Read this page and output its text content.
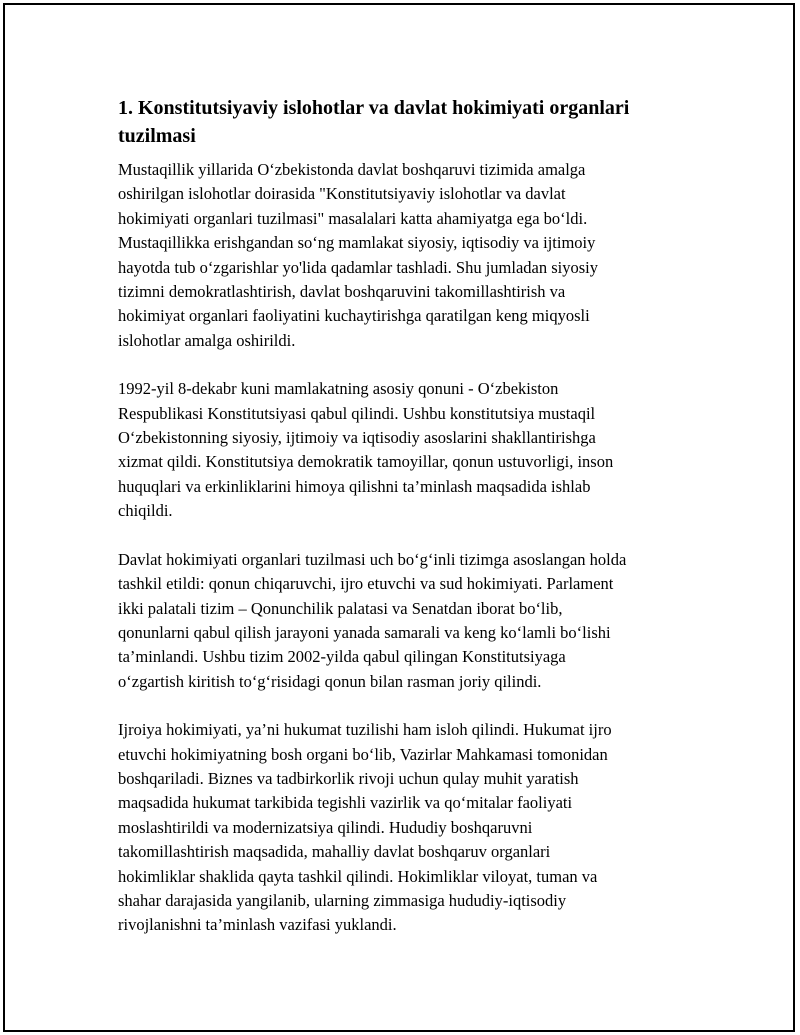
1. Konstitutsiyaviy islohotlar va davlat hokimiyati organlari
tuzilmasi

Mustaqillik yillarida O‘zbekistonda davlat boshqaruvi tizimida amalga
oshirilgan islohotlar doirasida "Konstitutsiyaviy islohotlar va davlat
hokimiyati organlari tuzilmasi" masalalari katta ahamiyatga ega bo‘ldi.
Mustaqillikka erishgandan so‘ng mamlakat siyosiy, iqtisodiy va ijtimoiy
hayotda tub o‘zgarishlar yo'lida qadamlar tashladi. Shu jumladan siyosiy
tizimni demokratlashtirish, davlat boshqaruvini takomillashtirish va
hokimiyat organlari faoliyatini kuchaytirishga qaratilgan keng miqyosli
islohotlar amalga oshirildi.

1992-yil 8-dekabr kuni mamlakatning asosiy qonuni - O‘zbekiston
Respublikasi Konstitutsiyasi qabul qilindi. Ushbu konstitutsiya mustaqil
O‘zbekistonning siyosiy, ijtimoiy va iqtisodiy asoslarini shakllantirishga
xizmat qildi. Konstitutsiya demokratik tamoyillar, qonun ustuvorligi, inson
huquqlari va erkinliklarini himoya qilishni ta’minlash maqsadida ishlab
chiqildi.

Davlat hokimiyati organlari tuzilmasi uch bo‘g‘inli tizimga asoslangan holda
tashkil etildi: qonun chiqaruvchi, ijro etuvchi va sud hokimiyati. Parlament
ikki palatali tizim – Qonunchilik palatasi va Senatdan iborat bo‘lib,
qonunlarni qabul qilish jarayoni yanada samarali va keng ko‘lamli bo‘lishi
ta’minlandi. Ushbu tizim 2002-yilda qabul qilingan Konstitutsiyaga
o‘zgartish kiritish to‘g‘risidagi qonun bilan rasman joriy qilindi.

Ijroiya hokimiyati, ya’ni hukumat tuzilishi ham isloh qilindi. Hukumat ijro
etuvchi hokimiyatning bosh organi bo‘lib, Vazirlar Mahkamasi tomonidan
boshqariladi. Biznes va tadbirkorlik rivoji uchun qulay muhit yaratish
maqsadida hukumat tarkibida tegishli vazirlik va qo‘mitalar faoliyati
moslashtirildi va modernizatsiya qilindi. Hududiy boshqaruvni
takomillashtirish maqsadida, mahalliy davlat boshqaruv organlari
hokimliklar shaklida qayta tashkil qilindi. Hokimliklar viloyat, tuman va
shahar darajasida yangilanib, ularning zimmasiga hududiy-iqtisodiy
rivojlanishni ta’minlash vazifasi yuklandi.
